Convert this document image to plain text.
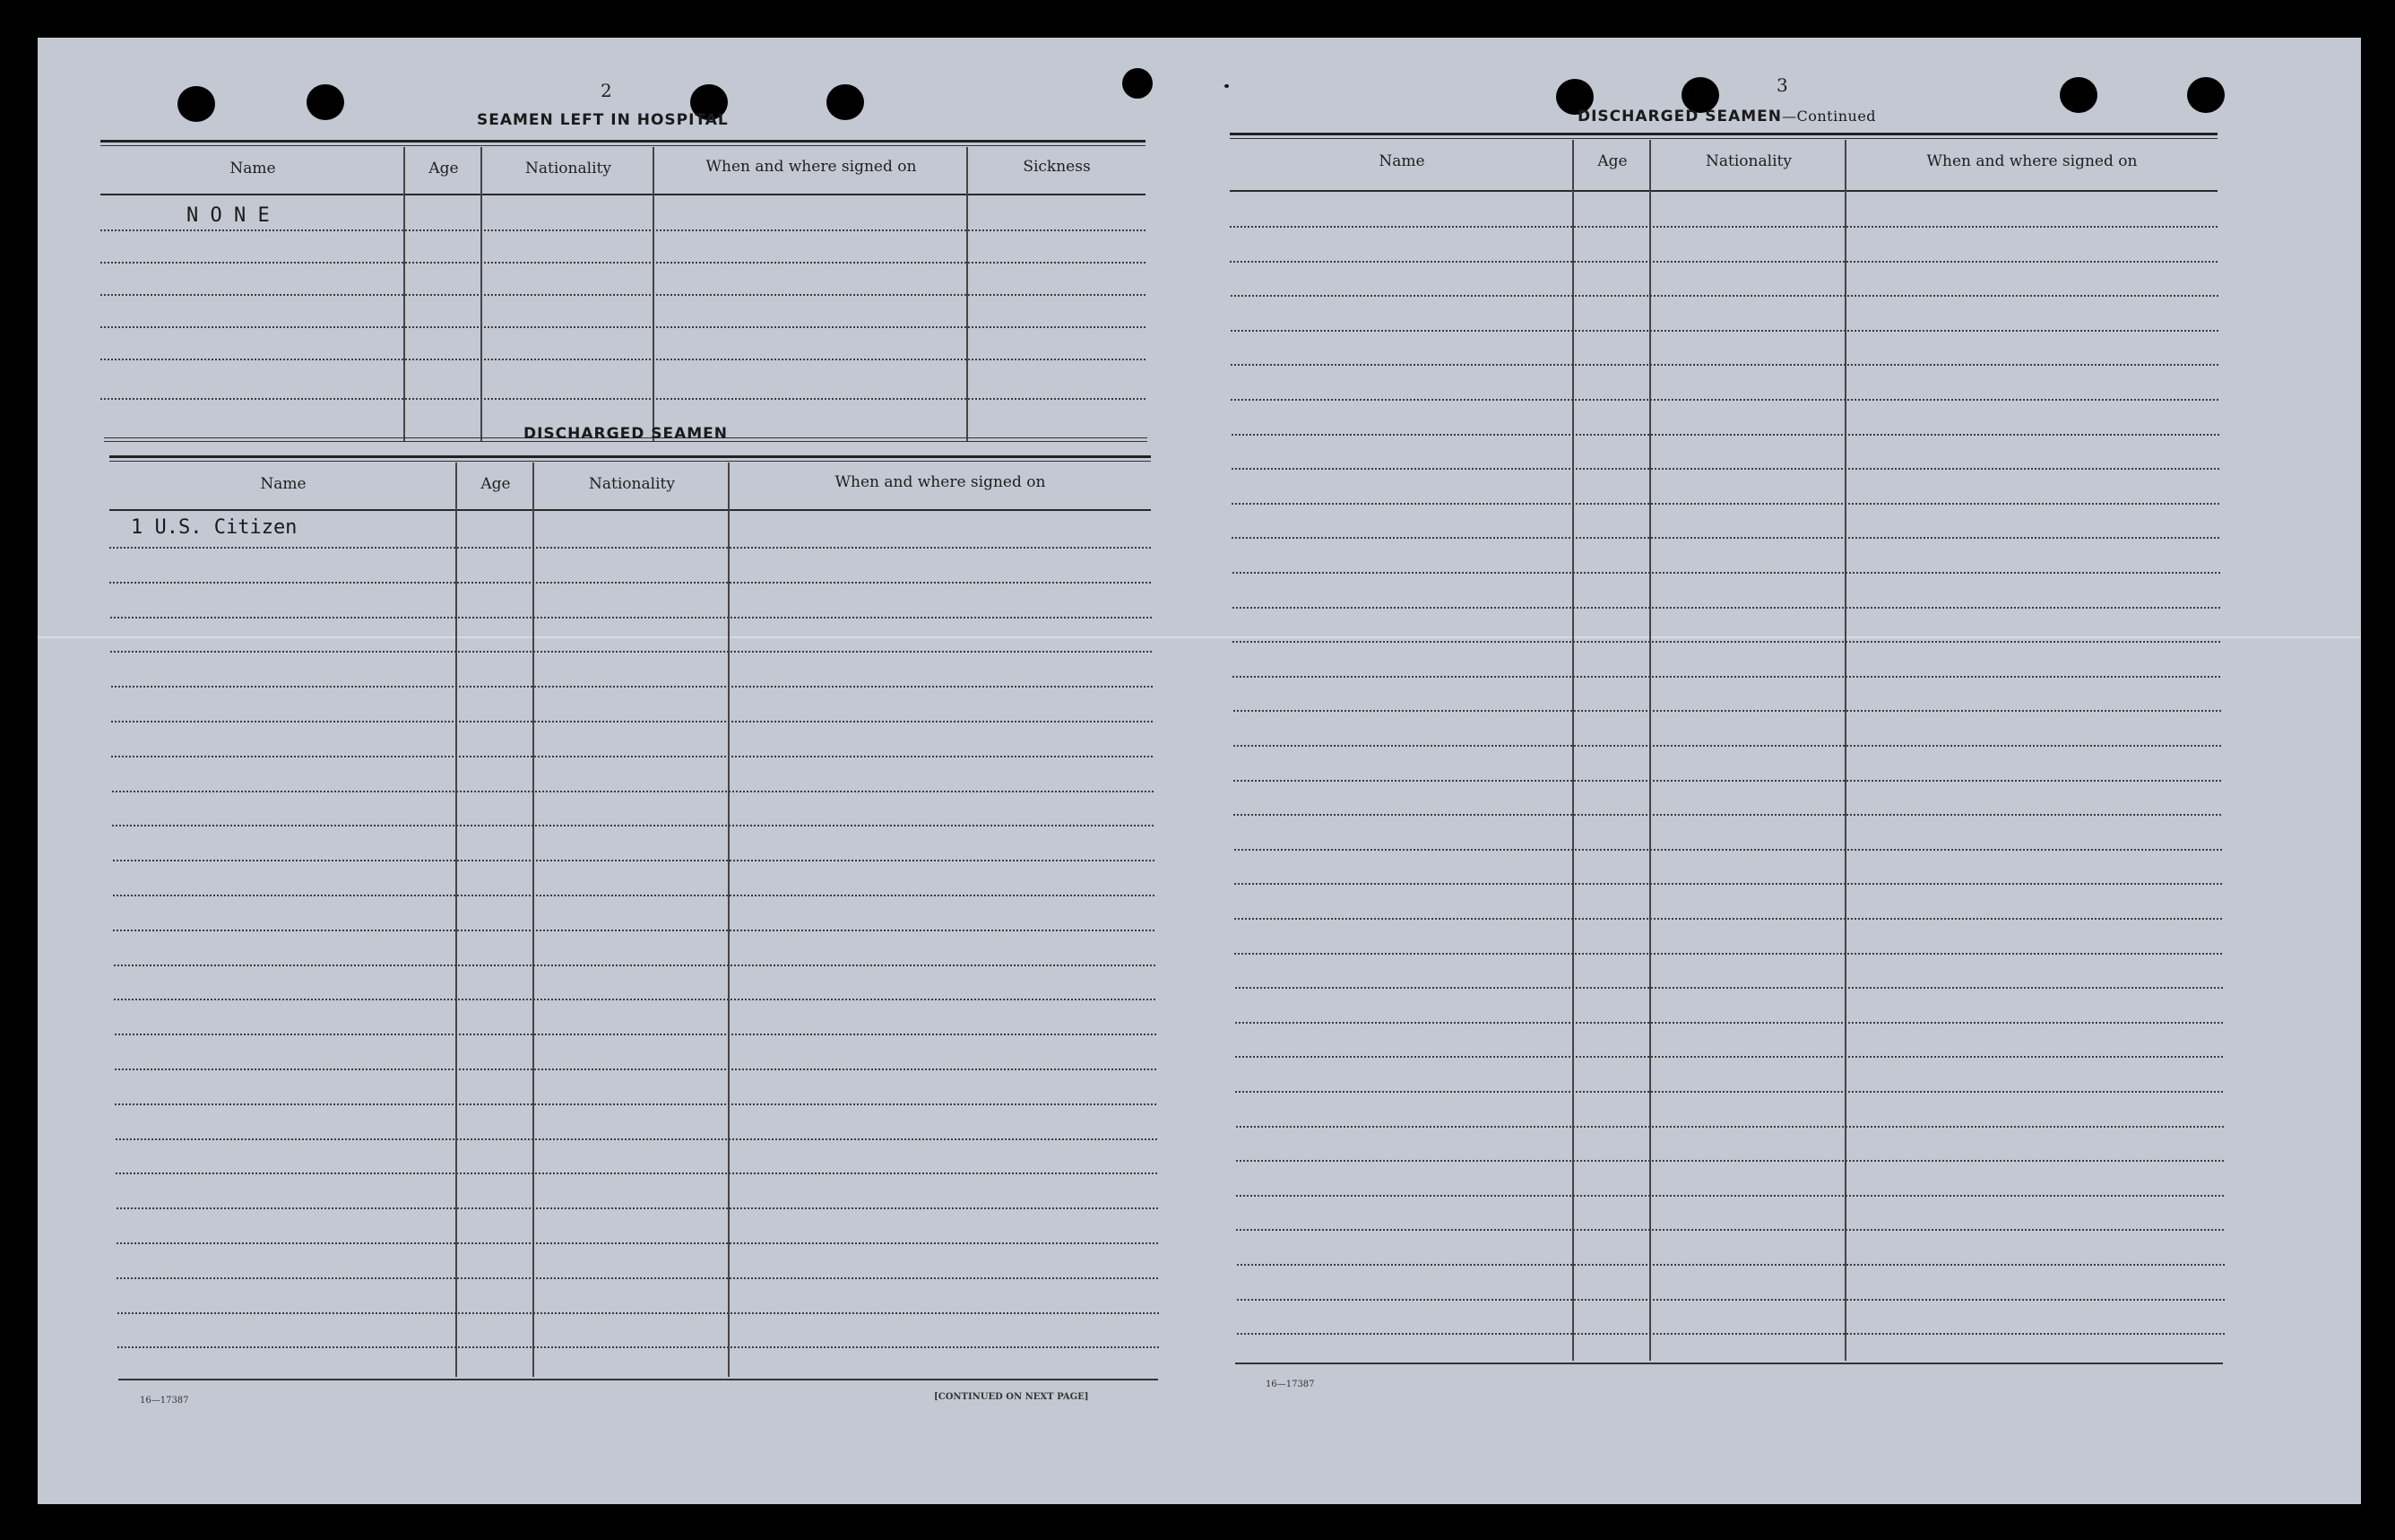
2
SEAMEN LEFT IN HOSPITAL
Name	Age	Nationality	When and where signed on	Sickness
N O N E
DISCHARGED SEAMEN
Name	Age	Nationality	When and where signed on
1 U.S. Citizen
16—17387	[CONTINUED ON NEXT PAGE]
3
DISCHARGED SEAMEN—Continued
Name	Age	Nationality	When and where signed on
16—17387
